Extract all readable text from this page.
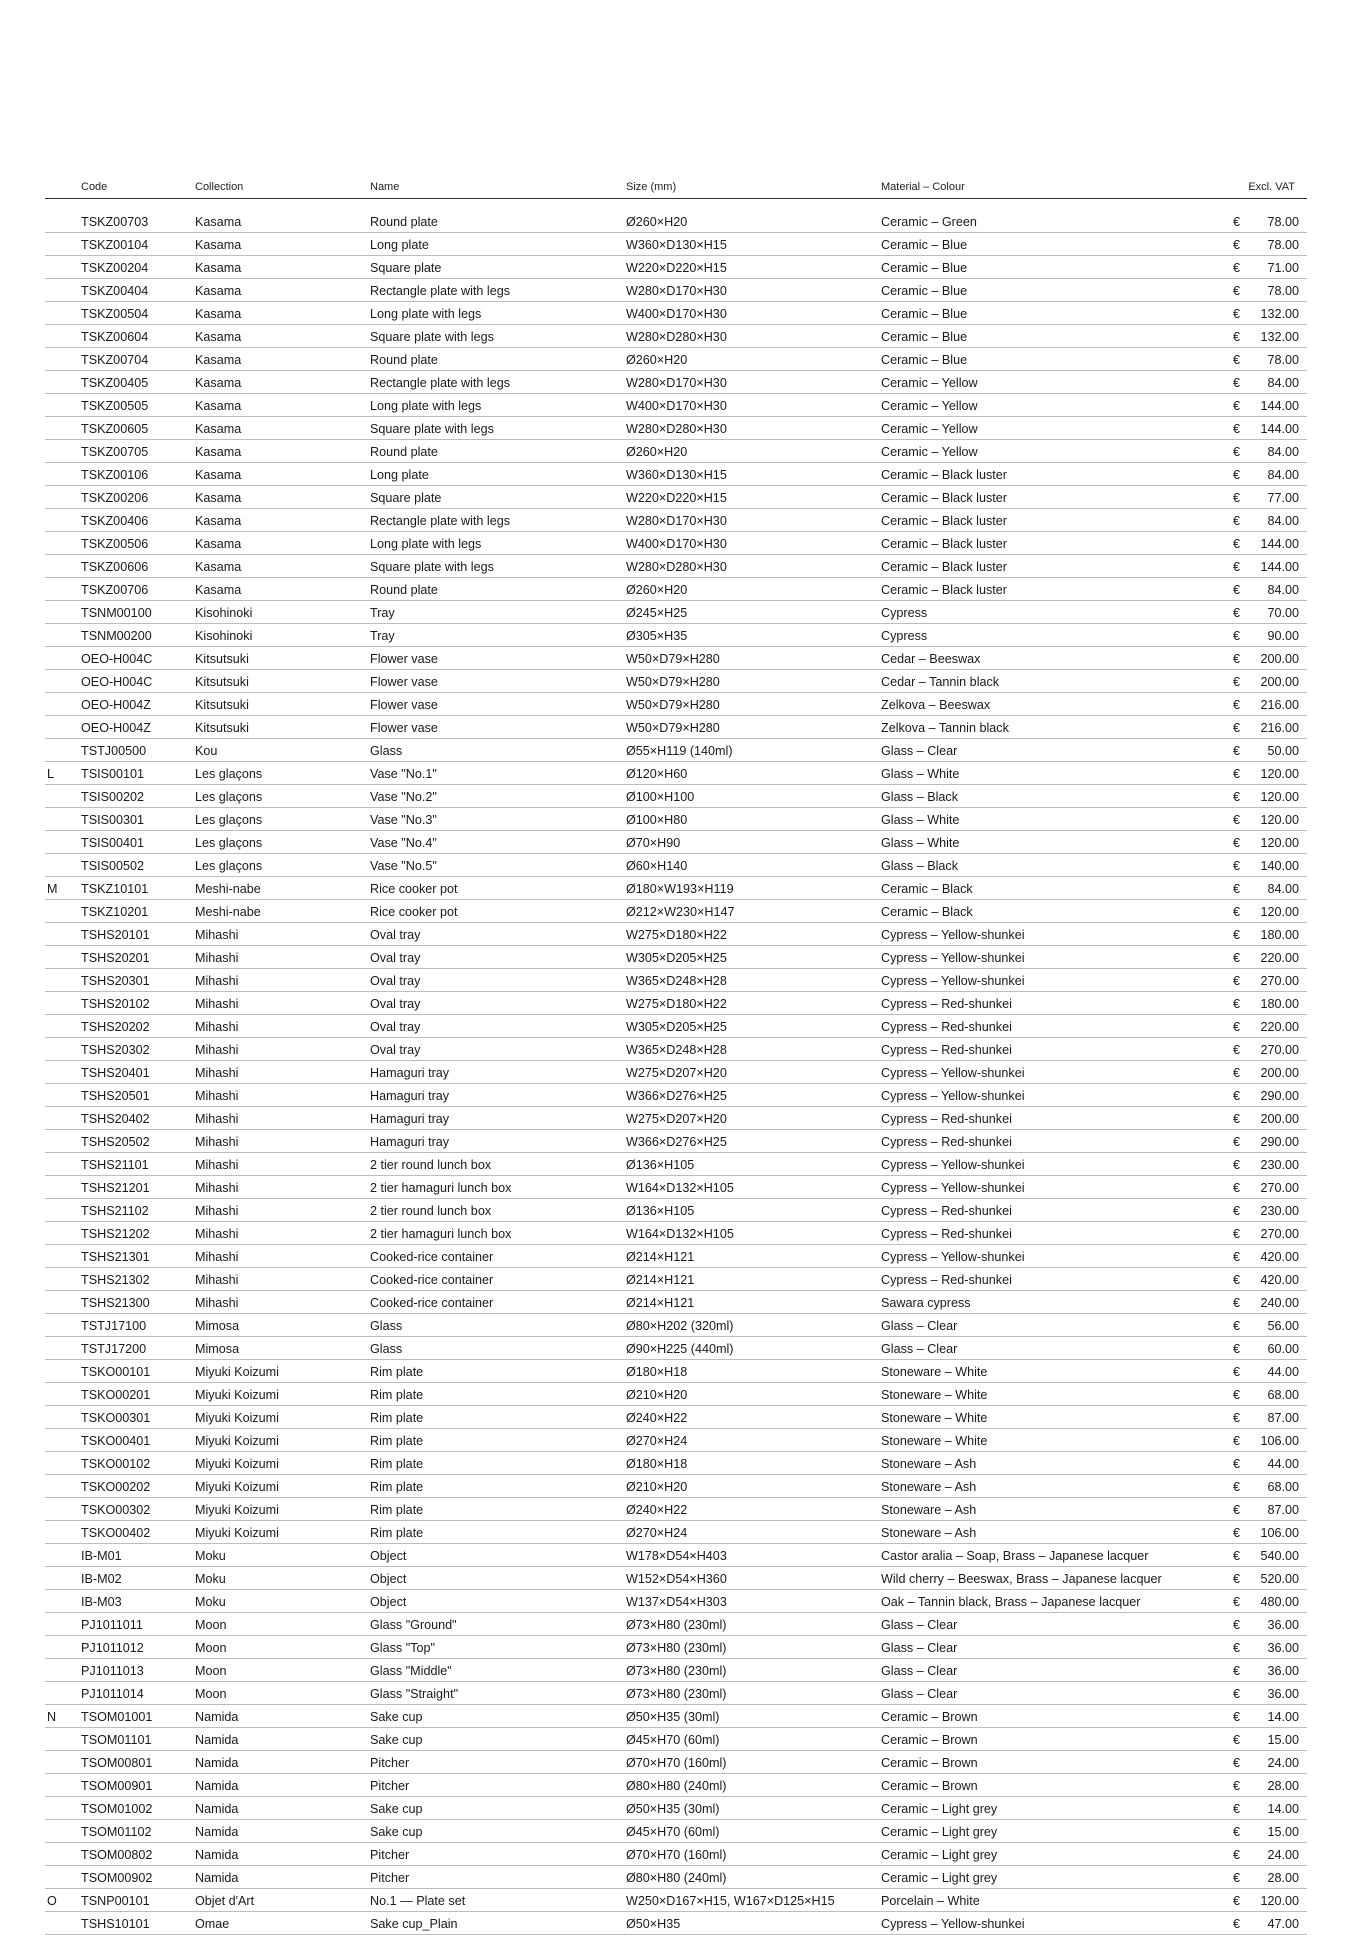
Code	Collection	Name	Size (mm)	Material – Colour	Excl. VAT
TSKZ00703	Kasama	Round plate	Ø260×H20	Ceramic – Green	€ 78.00
TSKZ00104	Kasama	Long plate	W360×D130×H15	Ceramic – Blue	€ 78.00
TSKZ00204	Kasama	Square plate	W220×D220×H15	Ceramic – Blue	€ 71.00
TSKZ00404	Kasama	Rectangle plate with legs	W280×D170×H30	Ceramic – Blue	€ 78.00
TSKZ00504	Kasama	Long plate with legs	W400×D170×H30	Ceramic – Blue	€ 132.00
TSKZ00604	Kasama	Square plate with legs	W280×D280×H30	Ceramic – Blue	€ 132.00
TSKZ00704	Kasama	Round plate	Ø260×H20	Ceramic – Blue	€ 78.00
TSKZ00405	Kasama	Rectangle plate with legs	W280×D170×H30	Ceramic – Yellow	€ 84.00
TSKZ00505	Kasama	Long plate with legs	W400×D170×H30	Ceramic – Yellow	€ 144.00
TSKZ00605	Kasama	Square plate with legs	W280×D280×H30	Ceramic – Yellow	€ 144.00
TSKZ00705	Kasama	Round plate	Ø260×H20	Ceramic – Yellow	€ 84.00
TSKZ00106	Kasama	Long plate	W360×D130×H15	Ceramic – Black luster	€ 84.00
TSKZ00206	Kasama	Square plate	W220×D220×H15	Ceramic – Black luster	€ 77.00
TSKZ00406	Kasama	Rectangle plate with legs	W280×D170×H30	Ceramic – Black luster	€ 84.00
TSKZ00506	Kasama	Long plate with legs	W400×D170×H30	Ceramic – Black luster	€ 144.00
TSKZ00606	Kasama	Square plate with legs	W280×D280×H30	Ceramic – Black luster	€ 144.00
TSKZ00706	Kasama	Round plate	Ø260×H20	Ceramic – Black luster	€ 84.00
TSNM00100	Kisohinoki	Tray	Ø245×H25	Cypress	€ 70.00
TSNM00200	Kisohinoki	Tray	Ø305×H35	Cypress	€ 90.00
OEO-H004C	Kitsutsuki	Flower vase	W50×D79×H280	Cedar – Beeswax	€ 200.00
OEO-H004C	Kitsutsuki	Flower vase	W50×D79×H280	Cedar – Tannin black	€ 200.00
OEO-H004Z	Kitsutsuki	Flower vase	W50×D79×H280	Zelkova – Beeswax	€ 216.00
OEO-H004Z	Kitsutsuki	Flower vase	W50×D79×H280	Zelkova – Tannin black	€ 216.00
TSTJ00500	Kou	Glass	Ø55×H119 (140ml)	Glass – Clear	€ 50.00
L TSIS00101	Les glaçons	Vase "No.1"	Ø120×H60	Glass – White	€ 120.00
TSIS00202	Les glaçons	Vase "No.2"	Ø100×H100	Glass – Black	€ 120.00
TSIS00301	Les glaçons	Vase "No.3"	Ø100×H80	Glass – White	€ 120.00
TSIS00401	Les glaçons	Vase "No.4"	Ø70×H90	Glass – White	€ 120.00
TSIS00502	Les glaçons	Vase "No.5"	Ø60×H140	Glass – Black	€ 140.00
M TSKZ10101	Meshi-nabe	Rice cooker pot	Ø180×W193×H119	Ceramic – Black	€ 84.00
TSKZ10201	Meshi-nabe	Rice cooker pot	Ø212×W230×H147	Ceramic – Black	€ 120.00
TSHS20101	Mihashi	Oval tray	W275×D180×H22	Cypress – Yellow-shunkei	€ 180.00
TSHS20201	Mihashi	Oval tray	W305×D205×H25	Cypress – Yellow-shunkei	€ 220.00
TSHS20301	Mihashi	Oval tray	W365×D248×H28	Cypress – Yellow-shunkei	€ 270.00
TSHS20102	Mihashi	Oval tray	W275×D180×H22	Cypress – Red-shunkei	€ 180.00
TSHS20202	Mihashi	Oval tray	W305×D205×H25	Cypress – Red-shunkei	€ 220.00
TSHS20302	Mihashi	Oval tray	W365×D248×H28	Cypress – Red-shunkei	€ 270.00
TSHS20401	Mihashi	Hamaguri tray	W275×D207×H20	Cypress – Yellow-shunkei	€ 200.00
TSHS20501	Mihashi	Hamaguri tray	W366×D276×H25	Cypress – Yellow-shunkei	€ 290.00
TSHS20402	Mihashi	Hamaguri tray	W275×D207×H20	Cypress – Red-shunkei	€ 200.00
TSHS20502	Mihashi	Hamaguri tray	W366×D276×H25	Cypress – Red-shunkei	€ 290.00
TSHS21101	Mihashi	2 tier round lunch box	Ø136×H105	Cypress – Yellow-shunkei	€ 230.00
TSHS21201	Mihashi	2 tier hamaguri lunch box	W164×D132×H105	Cypress – Yellow-shunkei	€ 270.00
TSHS21102	Mihashi	2 tier round lunch box	Ø136×H105	Cypress – Red-shunkei	€ 230.00
TSHS21202	Mihashi	2 tier hamaguri lunch box	W164×D132×H105	Cypress – Red-shunkei	€ 270.00
TSHS21301	Mihashi	Cooked-rice container	Ø214×H121	Cypress – Yellow-shunkei	€ 420.00
TSHS21302	Mihashi	Cooked-rice container	Ø214×H121	Cypress – Red-shunkei	€ 420.00
TSHS21300	Mihashi	Cooked-rice container	Ø214×H121	Sawara cypress	€ 240.00
TSTJ17100	Mimosa	Glass	Ø80×H202 (320ml)	Glass – Clear	€ 56.00
TSTJ17200	Mimosa	Glass	Ø90×H225 (440ml)	Glass – Clear	€ 60.00
TSKO00101	Miyuki Koizumi	Rim plate	Ø180×H18	Stoneware – White	€ 44.00
TSKO00201	Miyuki Koizumi	Rim plate	Ø210×H20	Stoneware – White	€ 68.00
TSKO00301	Miyuki Koizumi	Rim plate	Ø240×H22	Stoneware – White	€ 87.00
TSKO00401	Miyuki Koizumi	Rim plate	Ø270×H24	Stoneware – White	€ 106.00
TSKO00102	Miyuki Koizumi	Rim plate	Ø180×H18	Stoneware – Ash	€ 44.00
TSKO00202	Miyuki Koizumi	Rim plate	Ø210×H20	Stoneware – Ash	€ 68.00
TSKO00302	Miyuki Koizumi	Rim plate	Ø240×H22	Stoneware – Ash	€ 87.00
TSKO00402	Miyuki Koizumi	Rim plate	Ø270×H24	Stoneware – Ash	€ 106.00
IB-M01	Moku	Object	W178×D54×H403	Castor aralia – Soap, Brass – Japanese lacquer	€ 540.00
IB-M02	Moku	Object	W152×D54×H360	Wild cherry – Beeswax, Brass – Japanese lacquer	€ 520.00
IB-M03	Moku	Object	W137×D54×H303	Oak – Tannin black, Brass – Japanese lacquer	€ 480.00
PJ1011011	Moon	Glass "Ground"	Ø73×H80 (230ml)	Glass – Clear	€ 36.00
PJ1011012	Moon	Glass "Top"	Ø73×H80 (230ml)	Glass – Clear	€ 36.00
PJ1011013	Moon	Glass "Middle"	Ø73×H80 (230ml)	Glass – Clear	€ 36.00
PJ1011014	Moon	Glass "Straight"	Ø73×H80 (230ml)	Glass – Clear	€ 36.00
N TSOM01001	Namida	Sake cup	Ø50×H35 (30ml)	Ceramic – Brown	€ 14.00
TSOM01101	Namida	Sake cup	Ø45×H70 (60ml)	Ceramic – Brown	€ 15.00
TSOM00801	Namida	Pitcher	Ø70×H70 (160ml)	Ceramic – Brown	€ 24.00
TSOM00901	Namida	Pitcher	Ø80×H80 (240ml)	Ceramic – Brown	€ 28.00
TSOM01002	Namida	Sake cup	Ø50×H35 (30ml)	Ceramic – Light grey	€ 14.00
TSOM01102	Namida	Sake cup	Ø45×H70 (60ml)	Ceramic – Light grey	€ 15.00
TSOM00802	Namida	Pitcher	Ø70×H70 (160ml)	Ceramic – Light grey	€ 24.00
TSOM00902	Namida	Pitcher	Ø80×H80 (240ml)	Ceramic – Light grey	€ 28.00
O TSNP00101	Objet d'Art	No.1 — Plate set	W250×D167×H15, W167×D125×H15	Porcelain – White	€ 120.00
TSHS10101	Omae	Sake cup_Plain	Ø50×H35	Cypress – Yellow-shunkei	€ 47.00
